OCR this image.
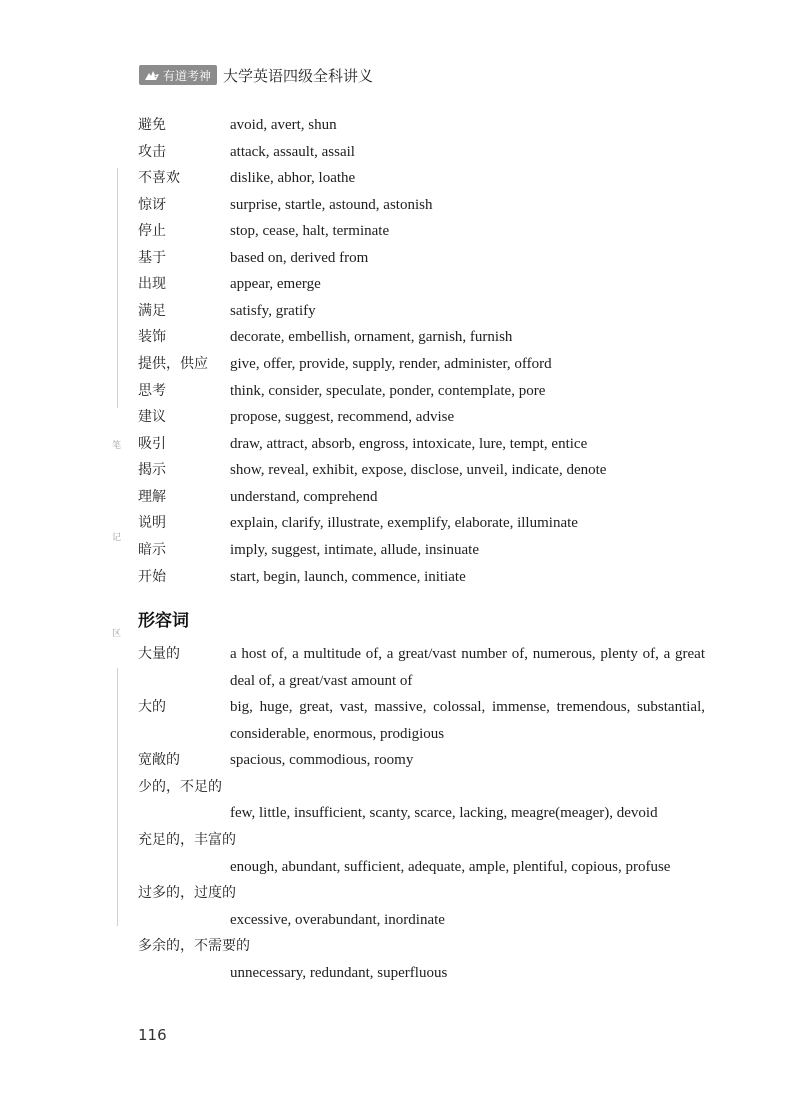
有道考神 大学英语四级全科讲义
笔
记
区
避免	avoid, avert, shun
攻击	attack, assault, assail
不喜欢	dislike, abhor, loathe
惊讶	surprise, startle, astound, astonish
停止	stop, cease, halt, terminate
基于	based on, derived from
出现	appear, emerge
满足	satisfy, gratify
装饰	decorate, embellish, ornament, garnish, furnish
提供，供应 give, offer, provide, supply, render, administer, offord
思考	think, consider, speculate, ponder, contemplate, pore
建议	propose, suggest, recommend, advise
吸引	draw, attract, absorb, engross, intoxicate, lure, tempt, entice
揭示	show, reveal, exhibit, expose, disclose, unveil, indicate, denote
理解	understand, comprehend
说明	explain, clarify, illustrate, exemplify, elaborate, illuminate
暗示	imply, suggest, intimate, allude, insinuate
开始	start, begin, launch, commence, initiate
形容词
大量的	a host of, a multitude of, a great/vast number of, numerous, plenty of, a great
deal of, a great/vast amount of
大的	big, huge, great, vast, massive, colossal, immense, tremendous, substantial,
considerable, enormous, prodigious
宽敞的	spacious, commodious, roomy
少的，不足的
few, little, insufficient, scanty, scarce, lacking, meagre(meager), devoid
充足的，丰富的
enough, abundant, sufficient, adequate, ample, plentiful, copious, profuse
过多的，过度的
excessive, overabundant, inordinate
多余的，不需要的
unnecessary, redundant, superfluous
116
